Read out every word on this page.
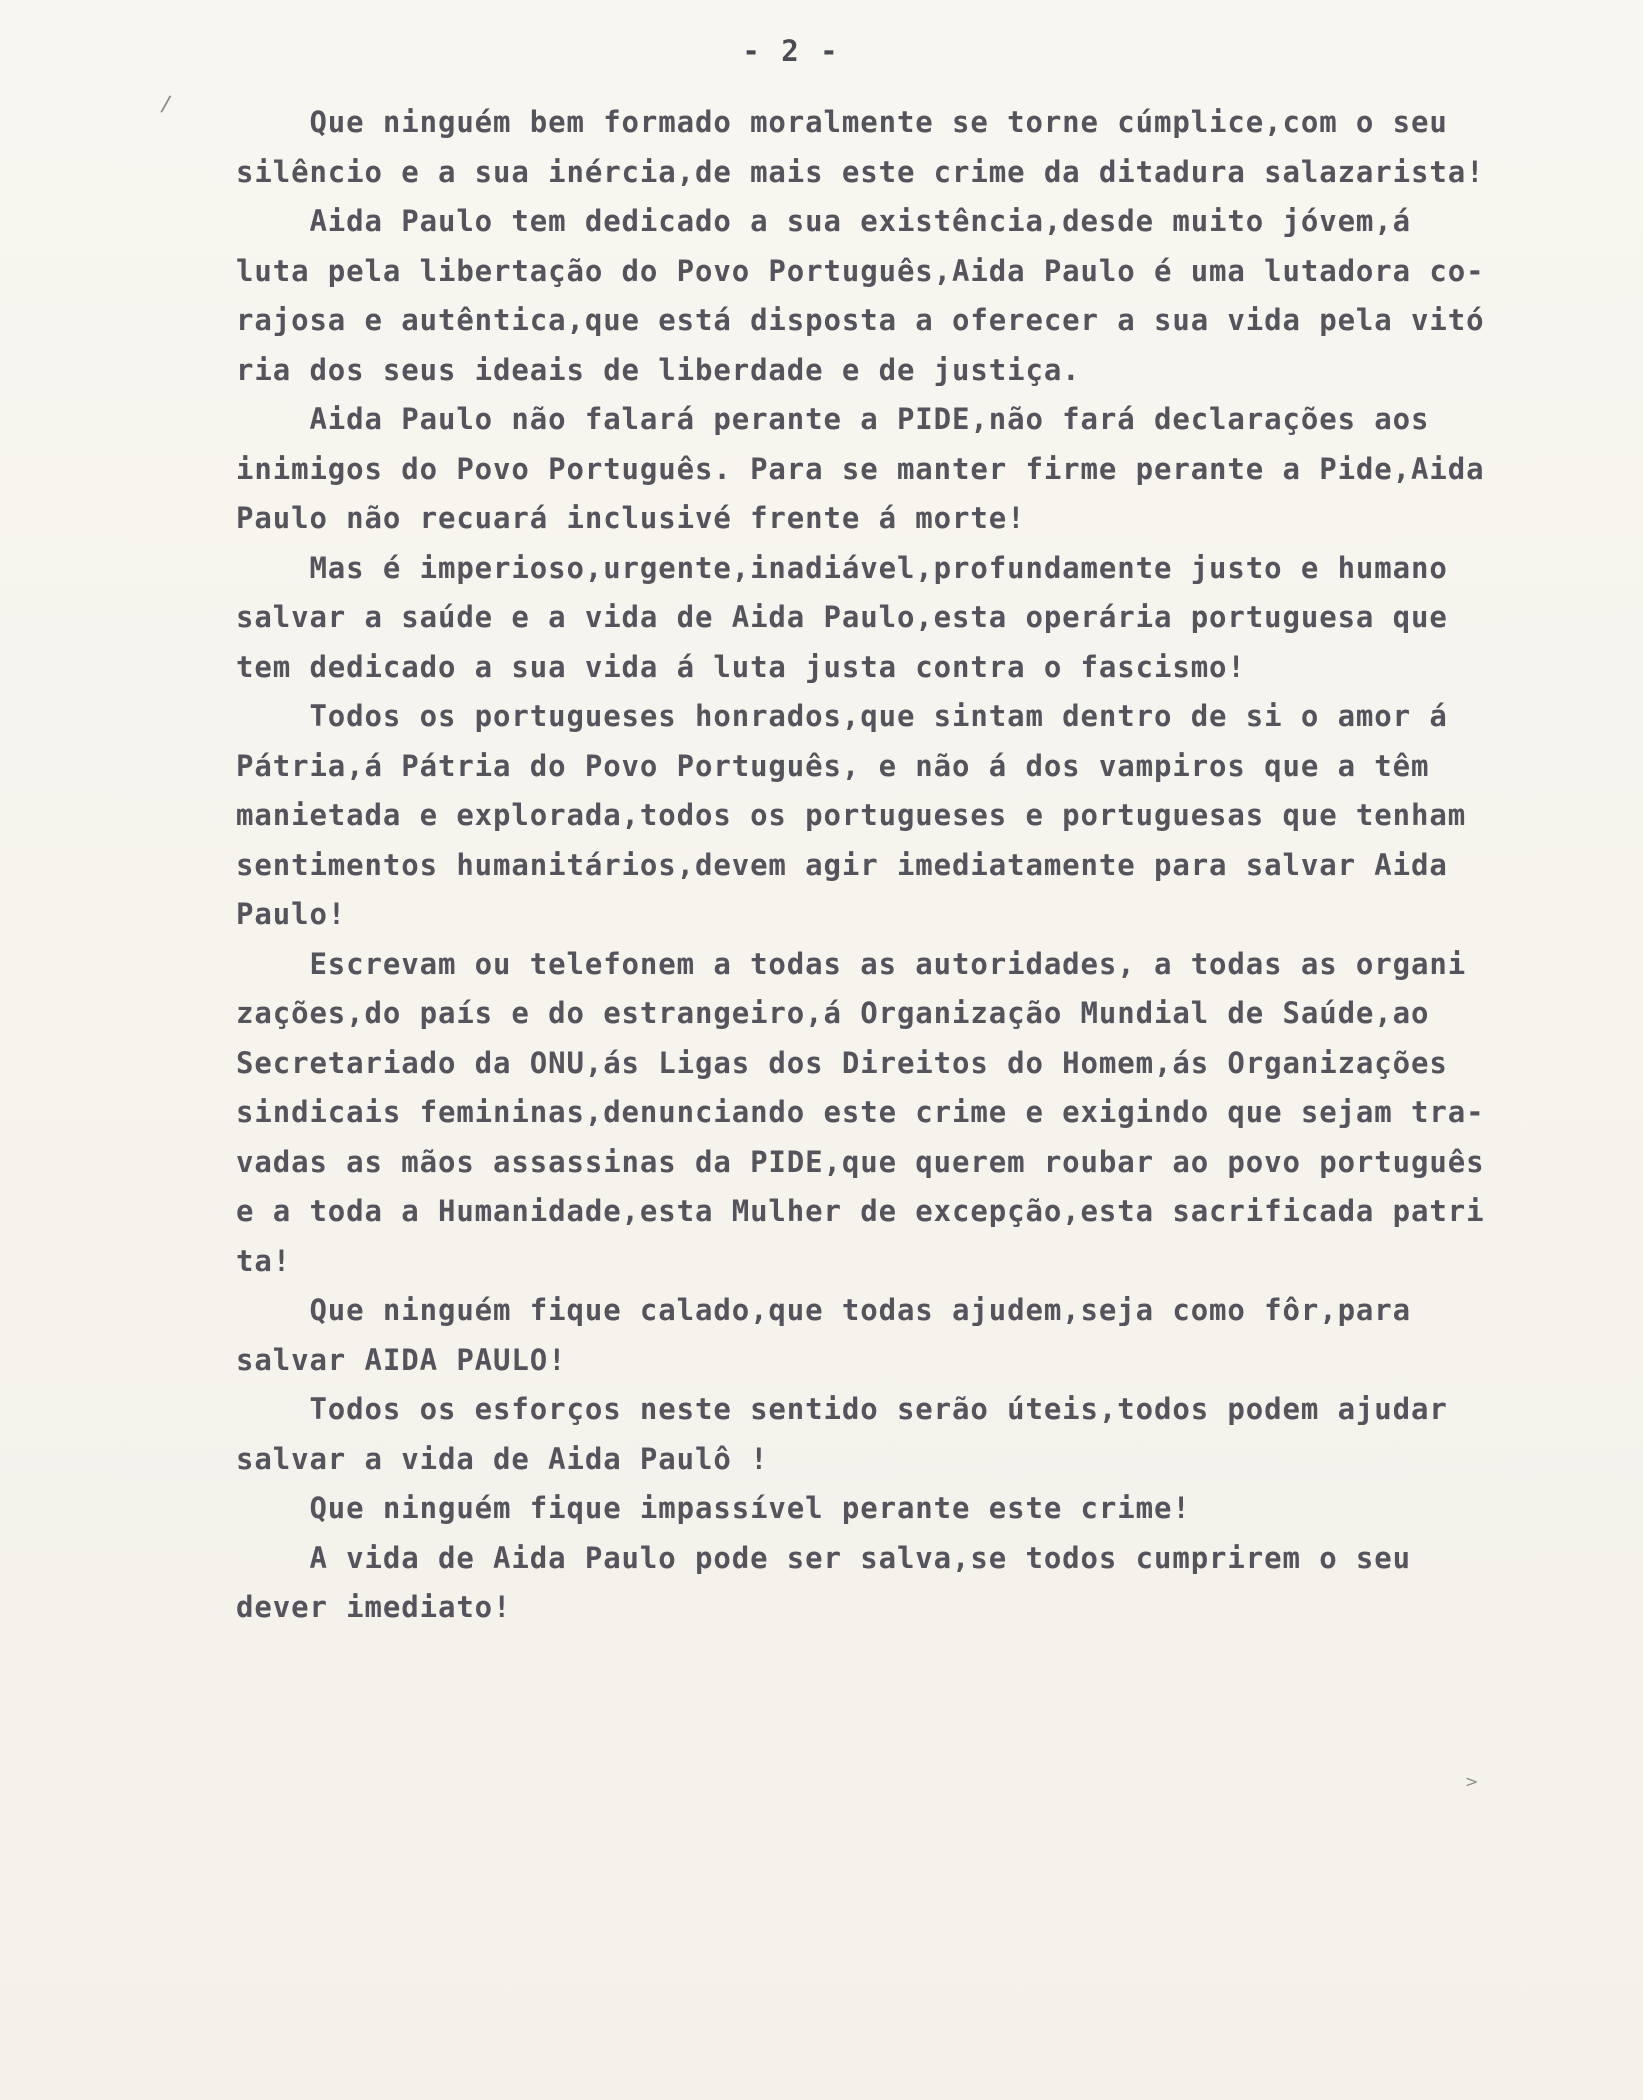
- 2 -
Que ninguém bem formado moralmente se torne cúmplice,com o seu
silêncio e a sua inércia,de mais este crime da ditadura salazarista!
Aida Paulo tem dedicado a sua existência,desde muito jóvem,á
luta pela libertação do Povo Português,Aida Paulo é uma lutadora co-
rajosa e autêntica,que está disposta a oferecer a sua vida pela vitó
ria dos seus ideais de liberdade e de justiça.
Aida Paulo não falará perante a PIDE,não fará declarações aos
inimigos do Povo Português. Para se manter firme perante a Pide,Aida
Paulo não recuará inclusivé frente á morte!
Mas é imperioso,urgente,inadiável,profundamente justo e humano
salvar a saúde e a vida de Aida Paulo,esta operária portuguesa que
tem dedicado a sua vida á luta justa contra o fascismo!
Todos os portugueses honrados,que sintam dentro de si o amor á
Pátria,á Pátria do Povo Português, e não á dos vampiros que a têm
manietada e explorada,todos os portugueses e portuguesas que tenham
sentimentos humanitários,devem agir imediatamente para salvar Aida
Paulo!
Escrevam ou telefonem a todas as autoridades, a todas as organi
zações,do país e do estrangeiro,á Organização Mundial de Saúde,ao
Secretariado da ONU,ás Ligas dos Direitos do Homem,ás Organizações
sindicais femininas,denunciando este crime e exigindo que sejam tra-
vadas as mãos assassinas da PIDE,que querem roubar ao povo português
e a toda a Humanidade,esta Mulher de excepção,esta sacrificada patri
ta!
Que ninguém fique calado,que todas ajudem,seja como fôr,para
salvar AIDA PAULO!
Todos os esforços neste sentido serão úteis,todos podem ajudar
salvar a vida de Aida Paulô !
Que ninguém fique impassível perante este crime!
A vida de Aida Paulo pode ser salva,se todos cumprirem o seu
dever imediato!
/
>
